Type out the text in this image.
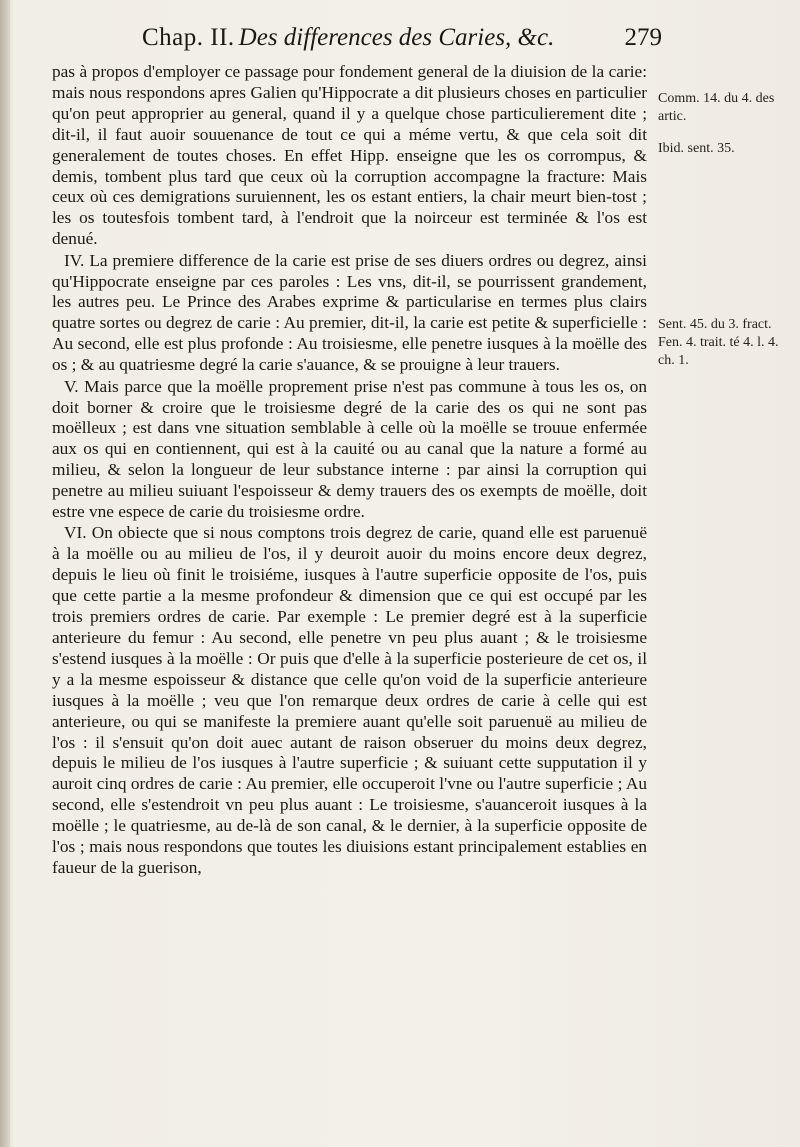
Chap. II. Des differences des Caries, &c.	279

pas à propos d'employer ce passage pour fondement general de la diuision de la carie: mais nous respondons apres Galien qu'Hippocrate a dit plusieurs choses en particulier qu'on peut approprier au general, quand il y a quelque chose particulierement dite ; dit-il, il faut auoir souuenance de tout ce qui a méme vertu, & que cela soit dit generalement de toutes choses. En effet Hipp. enseigne que les os corrompus, & demis, tombent plus tard que ceux où la corruption accompagne la fracture: Mais ceux où ces demigrations suruiennent, les os estant entiers, la chair meurt bien-tost ; les os toutesfois tombent tard, à l'endroit que la noirceur est terminée & l'os est denué.

IV. La premiere difference de la carie est prise de ses diuers ordres ou degrez, ainsi qu'Hippocrate enseigne par ces paroles : Les vns, dit-il, se pourrissent grandement, les autres peu. Le Prince des Arabes exprime & particularise en termes plus clairs quatre sortes ou degrez de carie : Au premier, dit-il, la carie est petite & superficielle : Au second, elle est plus profonde : Au troisiesme, elle penetre iusques à la moëlle des os ; & au quatriesme degré la carie s'auance, & se prouigne à leur trauers.

V. Mais parce que la moëlle proprement prise n'est pas commune à tous les os, on doit borner & croire que le troisiesme degré de la carie des os qui ne sont pas moëlleux ; est dans vne situation semblable à celle où la moëlle se trouue enfermée aux os qui en contiennent, qui est à la cauité ou au canal que la nature a formé au milieu, & selon la longueur de leur substance interne : par ainsi la corruption qui penetre au milieu suiuant l'espoisseur & demy trauers des os exempts de moëlle, doit estre vne espece de carie du troisiesme ordre.

VI. On obiecte que si nous comptons trois degrez de carie, quand elle est paruenuë à la moëlle ou au milieu de l'os, il y deuroit auoir du moins encore deux degrez, depuis le lieu où finit le troisiéme, iusques à l'autre superficie opposite de l'os, puis que cette partie a la mesme profondeur & dimension que ce qui est occupé par les trois premiers ordres de carie. Par exemple : Le premier degré est à la superficie anterieure du femur : Au second, elle penetre vn peu plus auant ; & le troisiesme s'estend iusques à la moëlle : Or puis que d'elle à la superficie posterieure de cet os, il y a la mesme espoisseur & distance que celle qu'on void de la superficie anterieure iusques à la moëlle ; veu que l'on remarque deux ordres de carie à celle qui est anterieure, ou qui se manifeste la premiere auant qu'elle soit paruenuë au milieu de l'os : il s'ensuit qu'on doit auec autant de raison obseruer du moins deux degrez, depuis le milieu de l'os iusques à l'autre superficie ; & suiuant cette supputation il y auroit cinq ordres de carie : Au premier, elle occuperoit l'vne ou l'autre superficie ; Au second, elle s'estendroit vn peu plus auant : Le troisiesme, s'auanceroit iusques à la moëlle ; le quatriesme, au de-là de son canal, & le dernier, à la superficie opposite de l'os ; mais nous respondons que toutes les diuisions estant principalement establies en faueur de la guerison,

Comm. 14. du 4. des artic.
Ibid. sent. 35.
Sent. 45. du 3. fract. Fen. 4. trait. té 4. l. 4. ch. 1.
